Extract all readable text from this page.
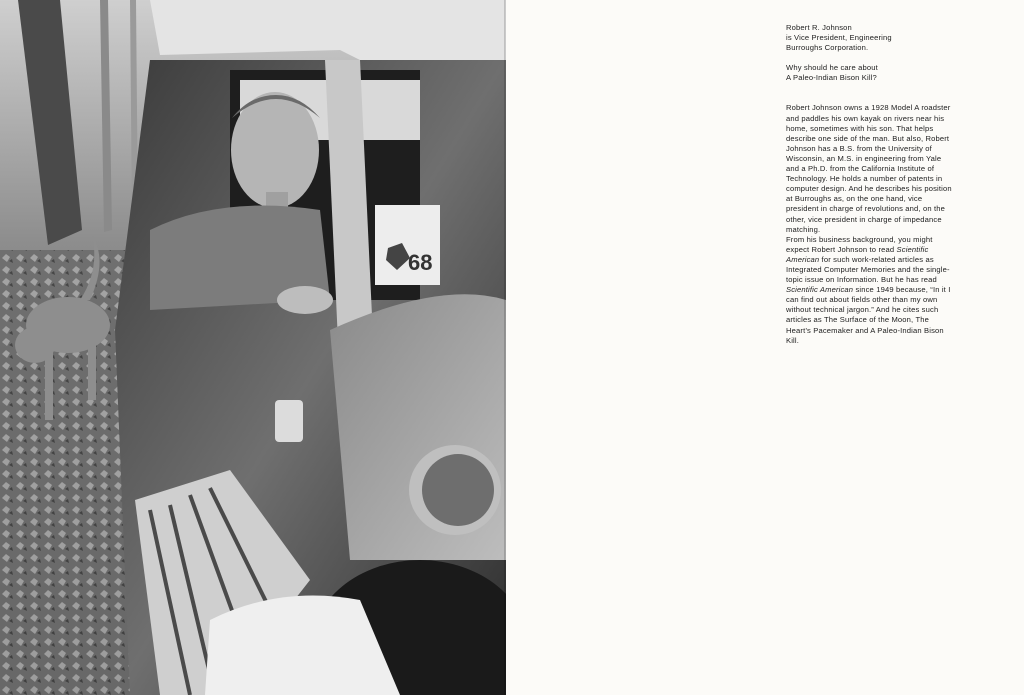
68

Robert R. Johnson
is Vice President, Engineering
Burroughs Corporation.

Why should he care about
A Paleo-Indian Bison Kill?

Robert Johnson owns a 1928 Model A roadster and paddles his own kayak on rivers near his home, sometimes with his son. That helps describe one side of the man. But also, Robert Johnson has a B.S. from the University of Wisconsin, an M.S. in engineering from Yale and a Ph.D. from the California Institute of Technology. He holds a number of patents in computer design. And he describes his position at Burroughs as, on the one hand, vice president in charge of revolutions and, on the other, vice president in charge of impedance matching.

From his business background, you might expect Robert Johnson to read Scientific American for such work-related articles as Integrated Computer Memories and the single-topic issue on Information. But he has read Scientific American since 1949 because, “In it I can find out about fields other than my own without technical jargon.” And he cites such articles as The Surface of the Moon, The Heart’s Pacemaker and A Paleo-Indian Bison Kill.
